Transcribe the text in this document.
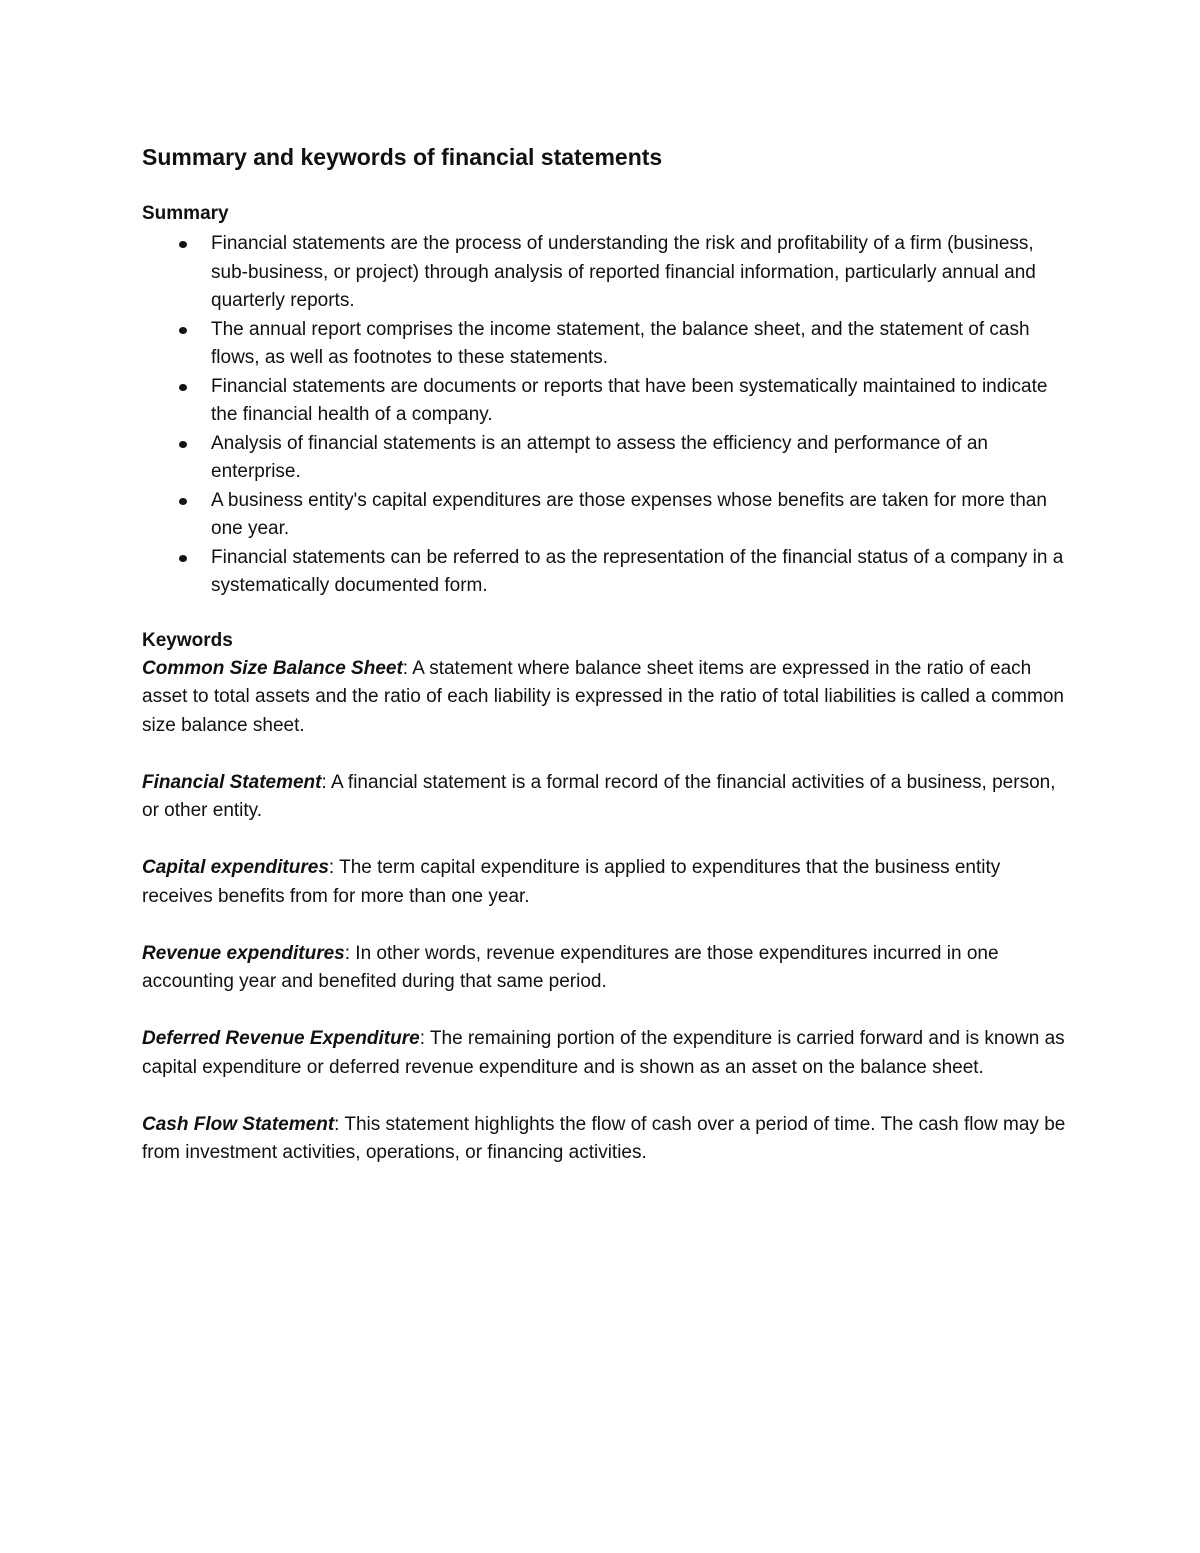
Summary and keywords of financial statements
Summary
Financial statements are the process of understanding the risk and profitability of a firm (business, sub-business, or project) through analysis of reported financial information, particularly annual and quarterly reports.
The annual report comprises the income statement, the balance sheet, and the statement of cash flows, as well as footnotes to these statements.
Financial statements are documents or reports that have been systematically maintained to indicate the financial health of a company.
Analysis of financial statements is an attempt to assess the efficiency and performance of an enterprise.
A business entity's capital expenditures are those expenses whose benefits are taken for more than one year.
Financial statements can be referred to as the representation of the financial status of a company in a systematically documented form.
Keywords

Common Size Balance Sheet: A statement where balance sheet items are expressed in the ratio of each asset to total assets and the ratio of each liability is expressed in the ratio of total liabilities is called a common size balance sheet.

Financial Statement: A financial statement is a formal record of the financial activities of a business, person, or other entity.

Capital expenditures: The term capital expenditure is applied to expenditures that the business entity receives benefits from for more than one year.

Revenue expenditures: In other words, revenue expenditures are those expenditures incurred in one accounting year and benefited during that same period.

Deferred Revenue Expenditure: The remaining portion of the expenditure is carried forward and is known as capital expenditure or deferred revenue expenditure and is shown as an asset on the balance sheet.

Cash Flow Statement: This statement highlights the flow of cash over a period of time. The cash flow may be from investment activities, operations, or financing activities.
